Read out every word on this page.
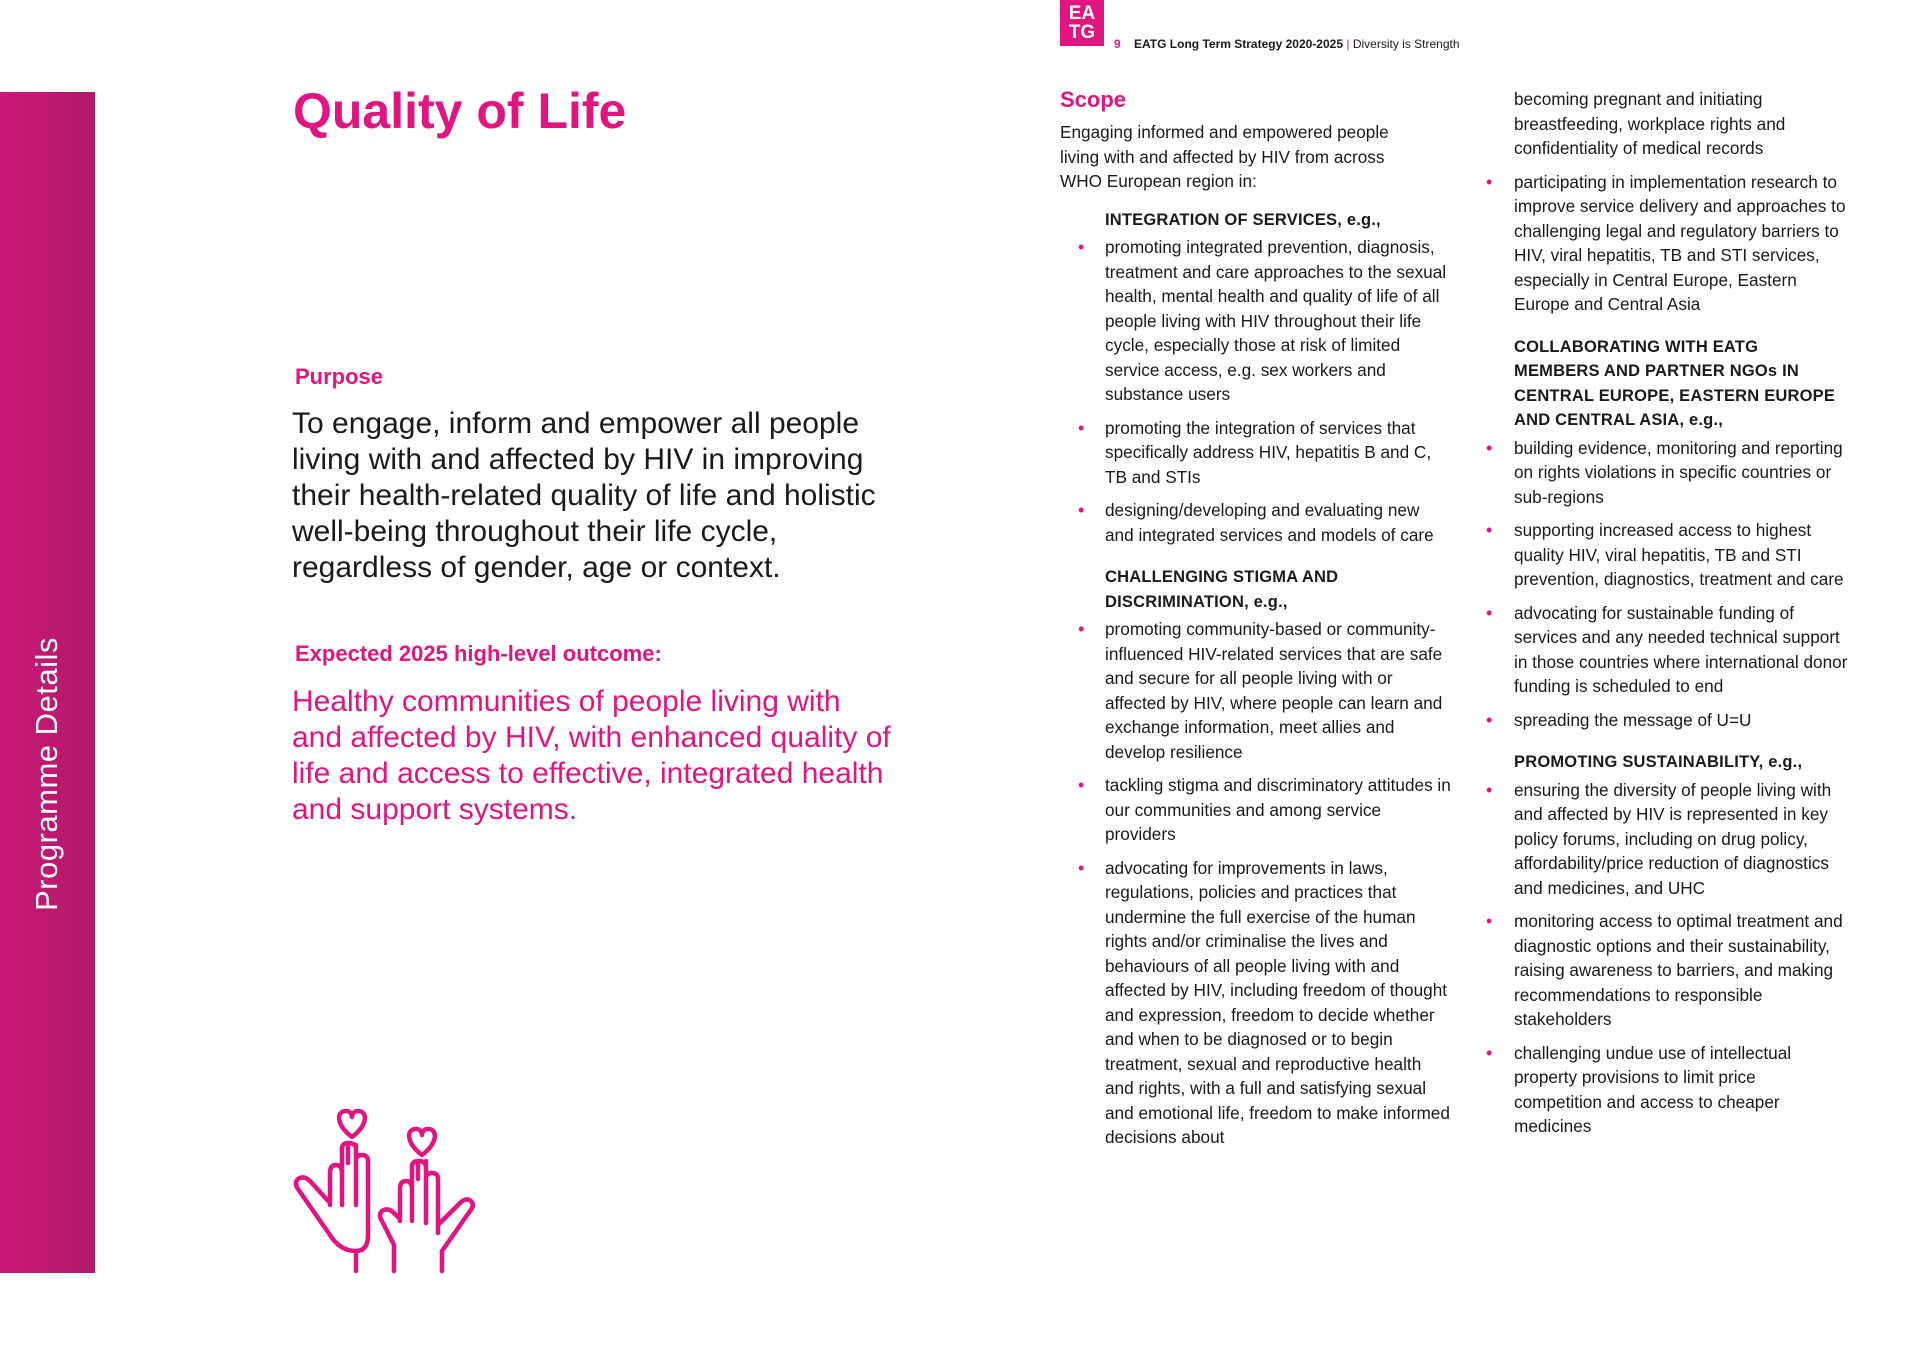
Programme Details
Quality of Life
Purpose
To engage, inform and empower all people living with and affected by HIV in improving their health-related quality of life and holistic well-being throughout their life cycle, regardless of gender, age or context.
Expected 2025 high-level outcome:
Healthy communities of people living with and affected by HIV, with enhanced quality of life and access to effective, integrated health and support systems.
EA
TG
9 EATG Long Term Strategy 2020-2025 | Diversity is Strength
Scope
Engaging informed and empowered people living with and affected by HIV from across WHO European region in:
INTEGRATION OF SERVICES, e.g.,
• promoting integrated prevention, diagnosis, treatment and care approaches to the sexual health, mental health and quality of life of all people living with HIV throughout their life cycle, especially those at risk of limited service access, e.g. sex workers and substance users
• promoting the integration of services that specifically address HIV, hepatitis B and C, TB and STIs
• designing/developing and evaluating new and integrated services and models of care
CHALLENGING STIGMA AND DISCRIMINATION, e.g.,
• promoting community-based or community-influenced HIV-related services that are safe and secure for all people living with or affected by HIV, where people can learn and exchange information, meet allies and develop resilience
• tackling stigma and discriminatory attitudes in our communities and among service providers
• advocating for improvements in laws, regulations, policies and practices that undermine the full exercise of the human rights and/or criminalise the lives and behaviours of all people living with and affected by HIV, including freedom of thought and expression, freedom to decide whether and when to be diagnosed or to begin treatment, sexual and reproductive health and rights, with a full and satisfying sexual and emotional life, freedom to make informed decisions about
becoming pregnant and initiating breastfeeding, workplace rights and confidentiality of medical records
• participating in implementation research to improve service delivery and approaches to challenging legal and regulatory barriers to HIV, viral hepatitis, TB and STI services, especially in Central Europe, Eastern Europe and Central Asia
COLLABORATING WITH EATG MEMBERS AND PARTNER NGOs IN CENTRAL EUROPE, EASTERN EUROPE AND CENTRAL ASIA, e.g.,
• building evidence, monitoring and reporting on rights violations in specific countries or sub-regions
• supporting increased access to highest quality HIV, viral hepatitis, TB and STI prevention, diagnostics, treatment and care
• advocating for sustainable funding of services and any needed technical support in those countries where international donor funding is scheduled to end
• spreading the message of U=U
PROMOTING SUSTAINABILITY, e.g.,
• ensuring the diversity of people living with and affected by HIV is represented in key policy forums, including on drug policy, affordability/price reduction of diagnostics and medicines, and UHC
• monitoring access to optimal treatment and diagnostic options and their sustainability, raising awareness to barriers, and making recommendations to responsible stakeholders
• challenging undue use of intellectual property provisions to limit price competition and access to cheaper medicines
